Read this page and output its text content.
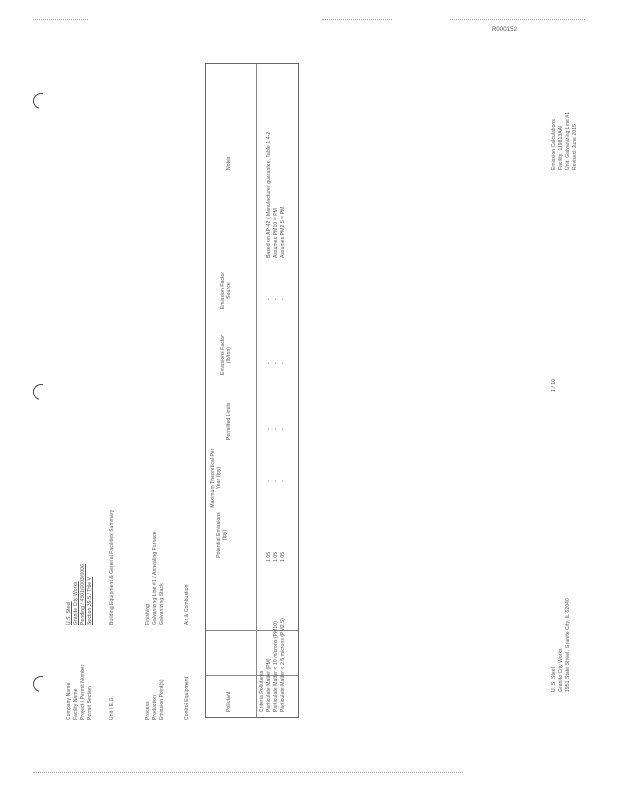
R000152
Company Name Facility Name Project / Permit Number Permit Section
U.S. Steel Granite City Works Pending / 4301/0003/0006 Section 39.5 / Title V
Unit / E.G.
Building Equipment & General Facilities Summary
Process Production Emission Point(s)
Finishing Galvanizing Line #1 / Annealing Furnace Galvanizing Stack
Control Equipment
Air & Combustion
Pollutant
Potential Emissions (tpy)
Maximum Theoretical Per Year (tpy)
Permitted Limits
Emissions Factor (lb/ton)
Emission Factor Source
Notes
Criteria Pollutants Particulate Matter (PM)
1.05
-
-
-
-
Based on AP-42 / Manufacturer guarantee, Table 1.4-2
Particulate Matter < 10 microns (PM10)
1.05
-
-
-
-
Assumes PM10 = PM
Particulate Matter < 2.5 microns (PM2.5)
1.05
-
-
-
-
Assumes PM2.5 = PM
1 / 10
U. S. Steel Granite City Works 1951 State Street, Granite City, IL 62040
Emission Calculations Facility: 119813AAI Unit: Galvanizing Line #1 Revised: June 2015
